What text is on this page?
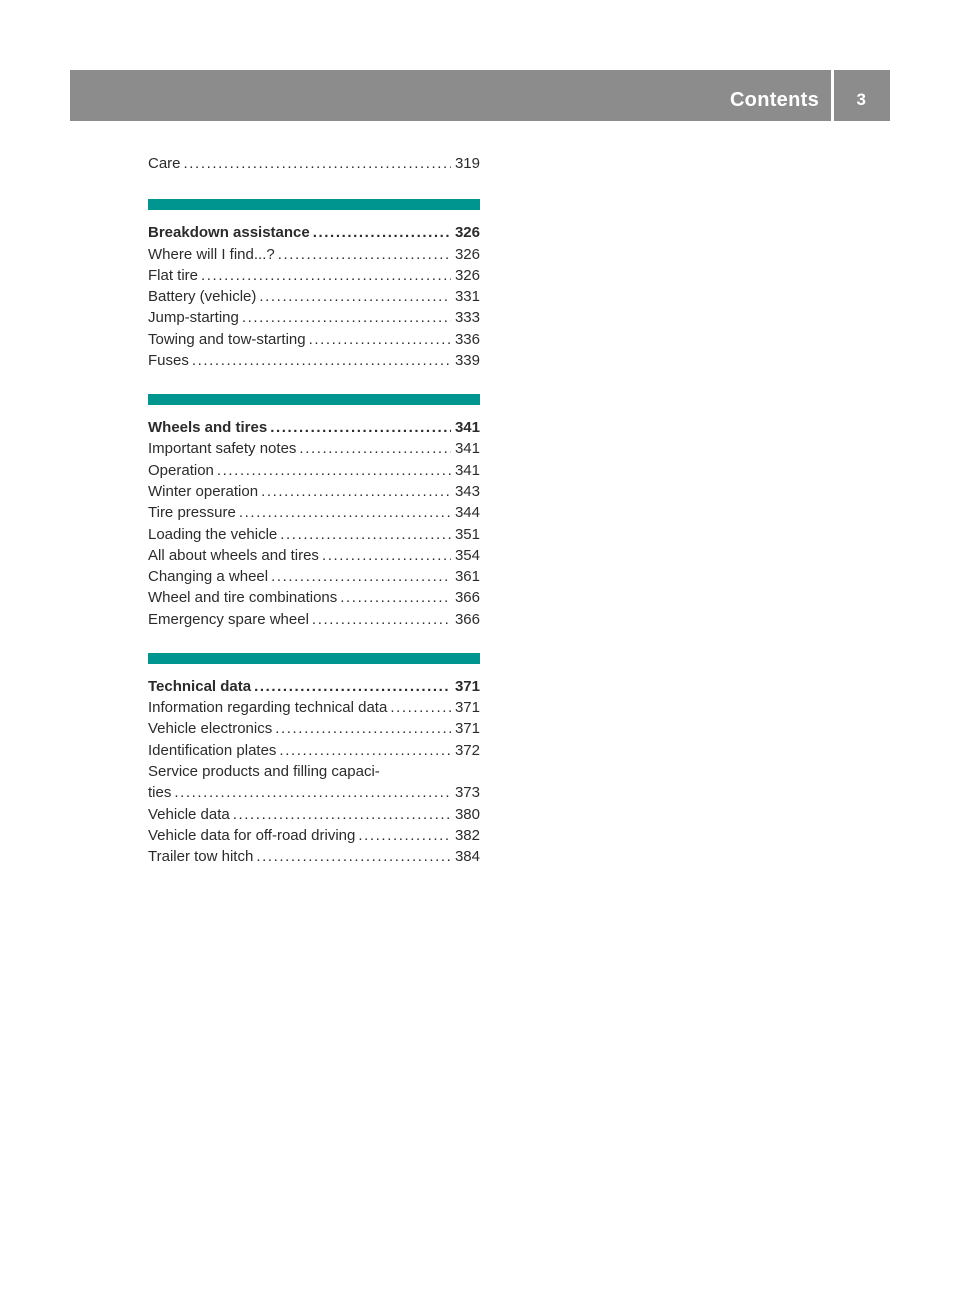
Contents 3
Care .....	319
Breakdown assistance .....	326
Where will I find...? .....	326
Flat tire .....	326
Battery (vehicle) .....	331
Jump-starting .....	333
Towing and tow-starting .....	336
Fuses .....	339
Wheels and tires .....	341
Important safety notes .....	341
Operation .....	341
Winter operation .....	343
Tire pressure .....	344
Loading the vehicle .....	351
All about wheels and tires .....	354
Changing a wheel .....	361
Wheel and tire combinations .....	366
Emergency spare wheel .....	366
Technical data .....	371
Information regarding technical data .....	371
Vehicle electronics .....	371
Identification plates .....	372
Service products and filling capaci-
ties .....	373
Vehicle data .....	380
Vehicle data for off-road driving .....	382
Trailer tow hitch .....	384
